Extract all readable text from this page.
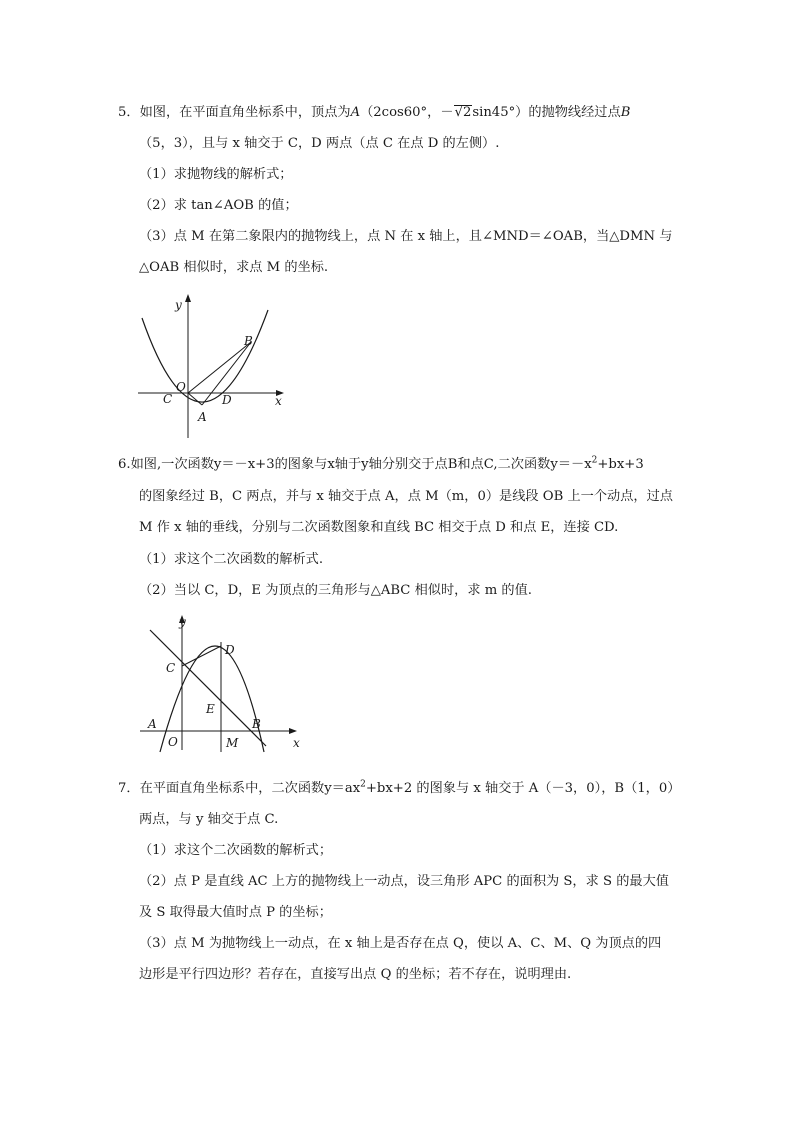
5．如图，在平面直角坐标系中，顶点为A（2cos60°，－√2sin45°）的抛物线经过点B
（5，3），且与 x 轴交于 C，D 两点（点 C 在点 D 的左侧）.
（1）求抛物线的解析式；
（2）求 tan∠AOB 的值；
（3）点 M 在第二象限内的抛物线上，点 N 在 x 轴上，且∠MND＝∠OAB，当△DMN 与
△OAB 相似时，求点 M 的坐标.
y
x
O
C	D
A
B
6.如图,一次函数y＝－x+3的图象与x轴于y轴分别交于点B和点C,二次函数$y=-x^2+bx+3$
的图象经过 B，C 两点，并与 x 轴交于点 A，点 M（m，0）是线段 OB 上一个动点，过点
M 作 x 轴的垂线，分别与二次函数图象和直线 BC 相交于点 D 和点 E，连接 CD.
（1）求这个二次函数的解析式.
（2）当以 C，D，E 为顶点的三角形与△ABC 相似时，求 m 的值.
y
x
O
C
D
E
A	B
M
7．在平面直角坐标系中，二次函数$y=ax^2+bx+2$ 的图象与 x 轴交于 A（－3，0），B（1，0）
两点，与 y 轴交于点 C.
（1）求这个二次函数的解析式；
（2）点 P 是直线 AC 上方的抛物线上一动点，设三角形 APC 的面积为 S，求 S 的最大值
及 S 取得最大值时点 P 的坐标；
（3）点 M 为抛物线上一动点，在 x 轴上是否存在点 Q，使以 A、C、M、Q 为顶点的四
边形是平行四边形？若存在，直接写出点 Q 的坐标；若不存在，说明理由.
